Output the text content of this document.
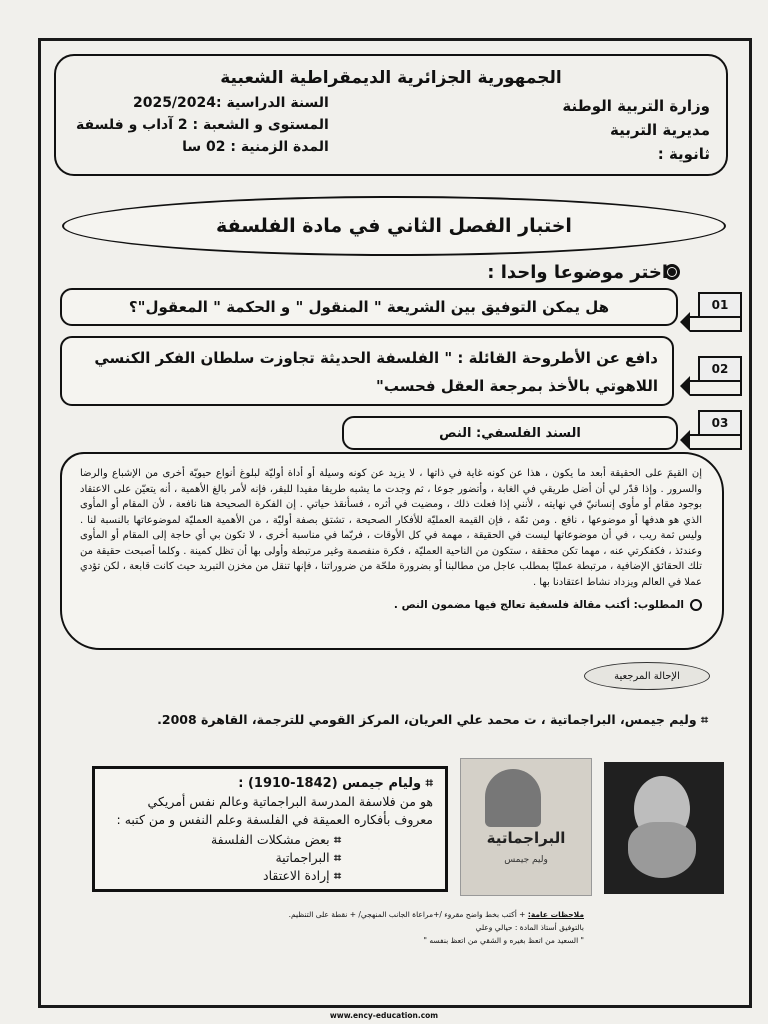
الجمهورية الجزائرية الديمقراطية الشعبية
وزارة التربية الوطنة
مديرية التربية
ثانوية :
السنة الدراسية :2025/2024
المستوى و الشعبة : 2 آداب و فلسفة
المدة الزمنية : 02 سا
اختبار الفصل الثاني في مادة الفلسفة
اختر موضوعا واحدا :
هل يمكن التوفيق بين الشريعة " المنقول " و الحكمة " المعقول"؟	01
دافع عن الأطروحة القائلة : " الفلسفة الحديثة تجاوزت سلطان الفكر الكنسي اللاهوتي بالأخذ بمرجعة العقل فحسب"
02
السند الفلسفي: النص
03
إن القيمَ على الحقيقة أبعد ما يكون ، هذا عن كونه غاية في ذاتها ، لا يزيد عن كونه وسيلة أو أداة أوليّة لبلوغ أنواع حيويّة أخرى من الإشباع والرضا والسرور . وإذا قدّر لي أن أضل طريقي في الغابة ، وأتضور جوعا ، ثم وجدت ما يشبه طريقا مفيدا للبقر، فإنه لأمر بالغ الأهمية ، أنه يتعيّن على الاعتقاد بوجود مقام أو مأوى إنسانيّ في نهايته ، لأنني إذا فعلت ذلك ، ومضيت في أثره ، فسأنقذ حياتي . إن الفكرة الصحيحة هنا نافعة ، لأن المقام أو المأوى الذي هو هدفها أو موضوعها ، نافع . ومن ثمّة ، فإن القيمة العمليّة للأفكار الصحيحة ، تشتق بصفة أوليّة ، من الأهمية العمليّة لموضوعاتها بالنسبة لنا . وليس ثمة ريب ، في أن موضوعاتها ليست في الحقيقة ، مهمة في كل الأوقات ، فربّما في مناسبة أخرى ، لا تكون بي أي حاجة إلى المقام أو المأوى وعندئذ ، فكفكرتي عنه ، مهما تكن محققة ، ستكون من الناحية العمليّة ، فكرة منفصمة وغير مرتبطة وأولى بها أن تظل كمينة . وكلما أصبحت حقيقة من تلك الحقائق الإضافية ، مرتبطة عمليّا بمطلب عاجل من مطالبنا أو بضرورة ملحّة من ضروراتنا ، فإنها تنقل من مخزن التبريد حيث كانت قابعة ، لكن تؤدي عملا في العالم ويزداد نشاط اعتقادنا بها .
المطلوب: أكتب مقالة فلسفية تعالج فيها مضمون النص .
الإحالة المرجعية
⌗ وليم جيمس، البراجماتية ، ت محمد علي العريان، المركز القومي للترجمة، القاهرة 2008.
⌗ وليام جيمس (1842-1910) :
هو من فلاسفة المدرسة البراجماتية وعالم نفس أمريكي معروف بأفكاره العميقة في الفلسفة وعلم النفس و من كتبه :
⌗ بعض مشكلات الفلسفة
⌗ البراجماتية
⌗ إرادة الاعتقاد
البراجماتية
وليم جيمس
ملاحظات عامة: + أكتب بخط واضح مقروء /+مراعاة الجانب المنهجي/ + نقطة على التنظيم.
بالتوفيق أستاذ المادة : حيالي وعلي
" السعيد من اتعظ بغيره و الشقي من اتعظ بنفسه "
www.ency-education.com
